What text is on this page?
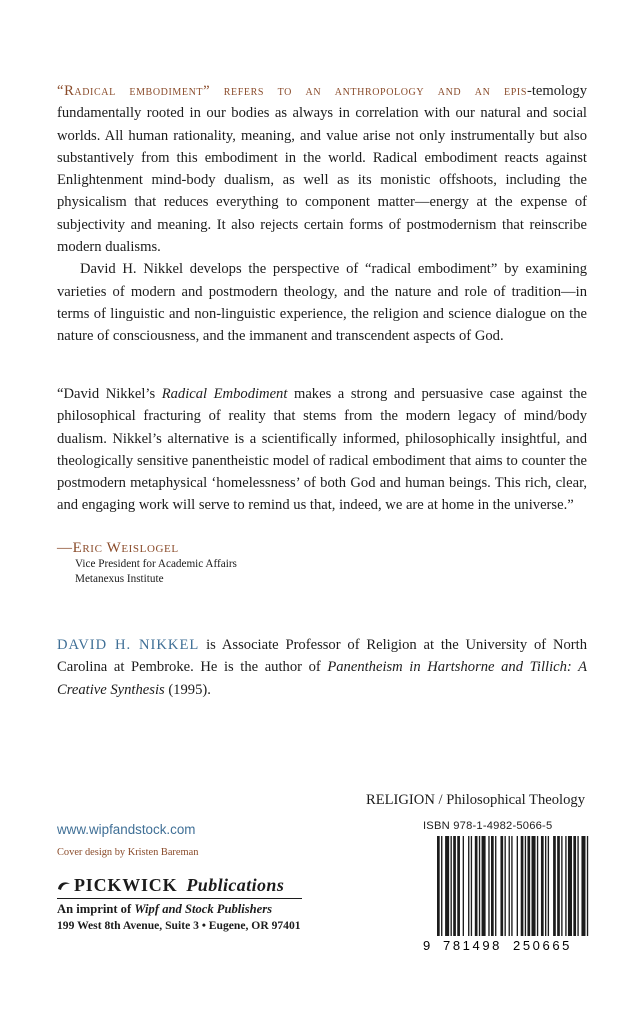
“Radical embodiment” refers to an anthropology and an epis-temology fundamentally rooted in our bodies as always in correlation with our natural and social worlds. All human rationality, meaning, and value arise not only instrumentally but also substantively from this embodiment in the world. Radical embodiment reacts against Enlightenment mind-body dualism, as well as its monistic offshoots, including the physicalism that reduces everything to component matter—energy at the expense of subjectivity and meaning. It also rejects certain forms of postmodernism that reinscribe modern dualisms.

David H. Nikkel develops the perspective of “radical embodiment” by examining varieties of modern and postmodern theology, and the nature and role of tradition—in terms of linguistic and non-linguistic experience, the religion and science dialogue on the nature of consciousness, and the immanent and transcendent aspects of God.

“David Nikkel’s Radical Embodiment makes a strong and persuasive case against the philosophical fracturing of reality that stems from the modern legacy of mind/body dualism. Nikkel’s alternative is a scientifically informed, philosophically insightful, and theologically sensitive panentheistic model of radical embodiment that aims to counter the postmodern metaphysical ‘homelessness’ of both God and human beings. This rich, clear, and engaging work will serve to remind us that, indeed, we are at home in the universe.”

—Eric Weislogel
Vice President for Academic Affairs
Metanexus Institute

DAVID H. NIKKEL is Associate Professor of Religion at the University of North Carolina at Pembroke. He is the author of Panentheism in Hartshorne and Tillich: A Creative Synthesis (1995).

RELIGION / Philosophical Theology
www.wipfandstock.com
Cover design by Kristen Bareman
PICKWICK Publications
An imprint of Wipf and Stock Publishers
199 West 8th Avenue, Suite 3 • Eugene, OR 97401
ISBN 978-1-4982-5066-5
9 781498 250665
